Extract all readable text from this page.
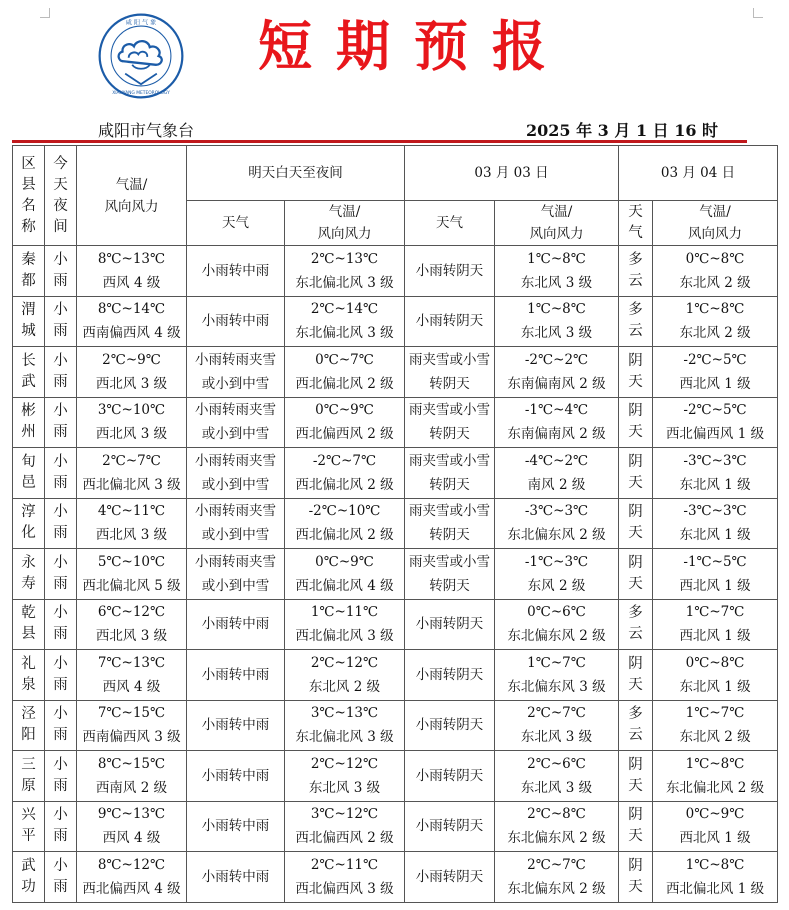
咸 阳 气 象
XIANYANG METEOROLOGY
短期预报
咸阳市气象台	2025 年 3 月 1 日 16 时
区
县
名
称	今
天
夜
间	气温/
风向风力	明天白天至夜间		03 月 03 日		03 月 04 日	
			天气	气温/
风向风力	天气	气温/
风向风力	天
气	气温/
风向风力

秦
都	小
雨	8℃~13℃
西风 4 级	小雨转中雨	2℃~13℃
东北偏北风 3 级	小雨转阴天	1℃~8℃
东北风 3 级	多
云	0℃~8℃
东北风 2 级

渭
城	小
雨	8℃~14℃
西南偏西风 4 级	小雨转中雨	2℃~14℃
东北偏北风 3 级	小雨转阴天	1℃~8℃
东北风 3 级	多
云	1℃~8℃
东北风 2 级

长
武	小
雨	2℃~9℃
西北风 3 级	小雨转雨夹雪
或小到中雪	0℃~7℃
西北偏北风 2 级	雨夹雪或小雪
转阴天	-2℃~2℃
东南偏南风 2 级	阴
天	-2℃~5℃
西北风 1 级

彬
州	小
雨	3℃~10℃
西北风 3 级	小雨转雨夹雪
或小到中雪	0℃~9℃
西北偏西风 2 级	雨夹雪或小雪
转阴天	-1℃~4℃
东南偏南风 2 级	阴
天	-2℃~5℃
西北偏西风 1 级

旬
邑	小
雨	2℃~7℃
西北偏北风 3 级	小雨转雨夹雪
或小到中雪	-2℃~7℃
西北偏北风 2 级	雨夹雪或小雪
转阴天	-4℃~2℃
南风 2 级	阴
天	-3℃~3℃
东北风 1 级

淳
化	小
雨	4℃~11℃
西北风 3 级	小雨转雨夹雪
或小到中雪	-2℃~10℃
西北偏北风 2 级	雨夹雪或小雪
转阴天	-3℃~3℃
东北偏东风 2 级	阴
天	-3℃~3℃
东北风 1 级

永
寿	小
雨	5℃~10℃
西北偏北风 5 级	小雨转雨夹雪
或小到中雪	0℃~9℃
西北偏北风 4 级	雨夹雪或小雪
转阴天	-1℃~3℃
东风 2 级	阴
天	-1℃~5℃
西北风 1 级

乾
县	小
雨	6℃~12℃
西北风 3 级	小雨转中雨	1℃~11℃
西北偏北风 3 级	小雨转阴天	0℃~6℃
东北偏东风 2 级	多
云	1℃~7℃
西北风 1 级

礼
泉	小
雨	7℃~13℃
西风 4 级	小雨转中雨	2℃~12℃
东北风 2 级	小雨转阴天	1℃~7℃
东北偏东风 3 级	阴
天	0℃~8℃
东北风 1 级

泾
阳	小
雨	7℃~15℃
西南偏西风 3 级	小雨转中雨	3℃~13℃
东北偏北风 3 级	小雨转阴天	2℃~7℃
东北风 3 级	多
云	1℃~7℃
东北风 2 级

三
原	小
雨	8℃~15℃
西南风 2 级	小雨转中雨	2℃~12℃
东北风 3 级	小雨转阴天	2℃~6℃
东北风 3 级	阴
天	1℃~8℃
东北偏北风 2 级

兴
平	小
雨	9℃~13℃
西风 4 级	小雨转中雨	3℃~12℃
西北偏西风 2 级	小雨转阴天	2℃~8℃
东北偏东风 2 级	阴
天	0℃~9℃
西北风 1 级

武
功	小
雨	8℃~12℃
西北偏西风 4 级	小雨转中雨	2℃~11℃
西北偏西风 3 级	小雨转阴天	2℃~7℃
东北偏东风 2 级	阴
天	1℃~8℃
西北偏北风 1 级
